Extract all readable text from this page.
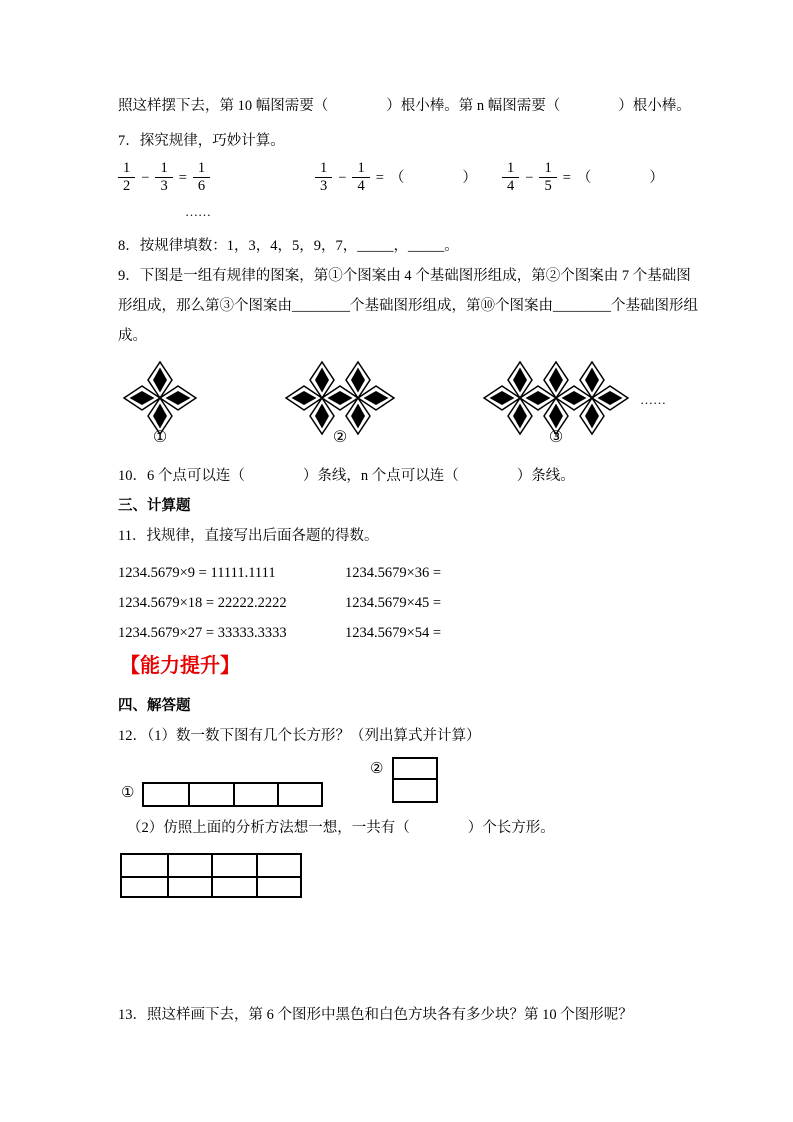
照这样摆下去，第 10 幅图需要（　　　　）根小棒。第 n 幅图需要（　　　　）根小棒。
7．探究规律，巧妙计算。
$\frac{1}{2} - \frac{1}{3} = \frac{1}{6}$	$\frac{1}{3} - \frac{1}{4}$ = （　　　　） $\frac{1}{4} - \frac{1}{5}$ = （　　　　）
……
8．按规律填数：1，3，4，5，9，7，_____，_____。
9．下图是一组有规律的图案，第①个图案由 4 个基础图形组成，第②个图案由 7 个基础图
形组成，那么第③个图案由________个基础图形组成，第⑩个图案由________个基础图形组
成。
……
①	②	③
10．6 个点可以连（　　　　）条线，n 个点可以连（　　　　）条线。
三、计算题
11．找规律，直接写出后面各题的得数。
1234.5679×9 = 11111.1111	1234.5679×36 =
1234.5679×18 = 22222.2222	1234.5679×45 =
1234.5679×27 = 33333.3333	1234.5679×54 =
【能力提升】
四、解答题
12．（1）数一数下图有几个长方形？（列出算式并计算）
②
①
（2）仿照上面的分析方法想一想，一共有（　　　　）个长方形。
13．照这样画下去，第 6 个图形中黑色和白色方块各有多少块？第 10 个图形呢？
